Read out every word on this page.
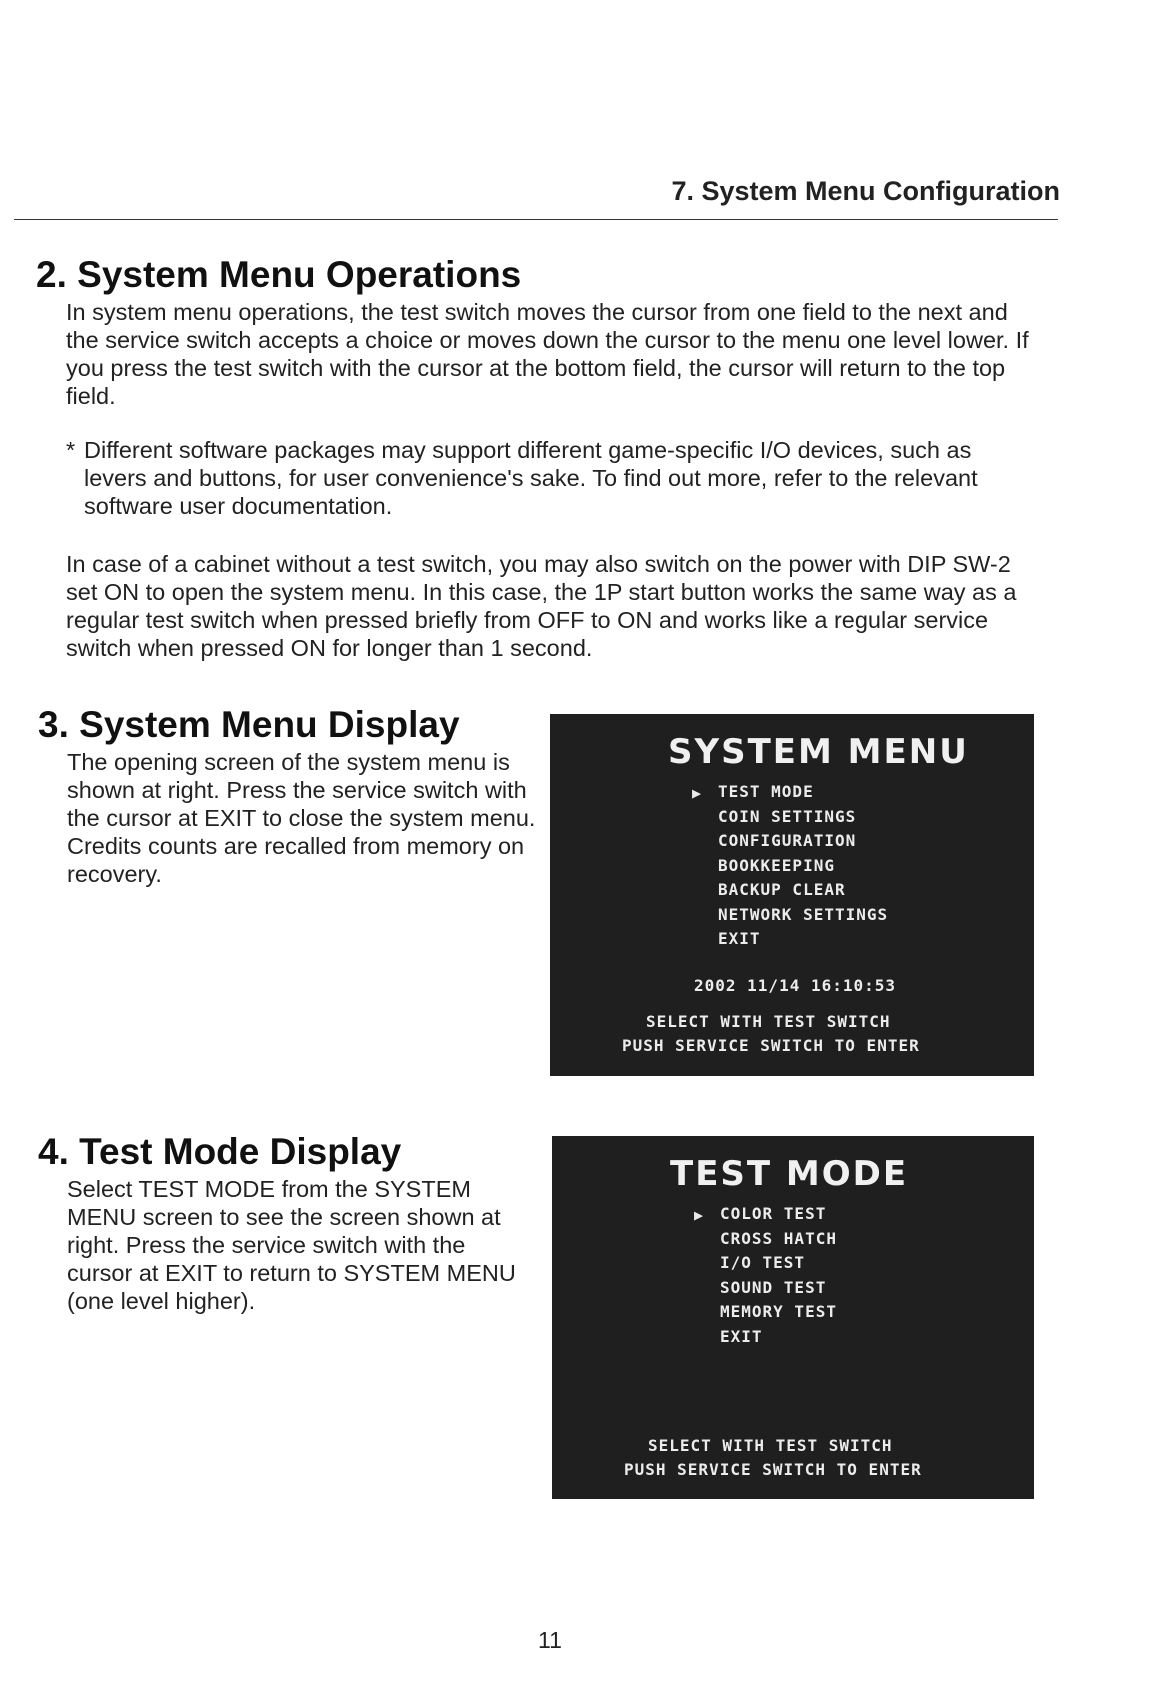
7. System Menu Configuration
2. System Menu Operations

In system menu operations, the test switch moves the cursor from one field to the next and the service switch accepts a choice or moves down the cursor to the menu one level lower. If you press the test switch with the cursor at the bottom field, the cursor will return to the top field.

* Different software packages may support different game-specific I/O devices, such as levers and buttons, for user convenience's sake. To find out more, refer to the relevant software user documentation.

In case of a cabinet without a test switch, you may also switch on the power with DIP SW-2 set ON to open the system menu. In this case, the 1P start button works the same way as a regular test switch when pressed briefly from OFF to ON and works like a regular service switch when pressed ON for longer than 1 second.

3. System Menu Display

The opening screen of the system menu is shown at right. Press the service switch with the cursor at EXIT to close the system menu. Credits counts are recalled from memory on recovery.

SYSTEM MENU
▶ TEST MODE
COIN SETTINGS
CONFIGURATION
BOOKKEEPING
BACKUP CLEAR
NETWORK SETTINGS
EXIT
2002 11/14 16:10:53
SELECT WITH TEST SWITCH
PUSH SERVICE SWITCH TO ENTER
4. Test Mode Display

Select TEST MODE from the SYSTEM MENU screen to see the screen shown at right. Press the service switch with the cursor at EXIT to return to SYSTEM MENU (one level higher).

TEST MODE
▶ COLOR TEST
CROSS HATCH
I/O TEST
SOUND TEST
MEMORY TEST
EXIT
SELECT WITH TEST SWITCH
PUSH SERVICE SWITCH TO ENTER
11
